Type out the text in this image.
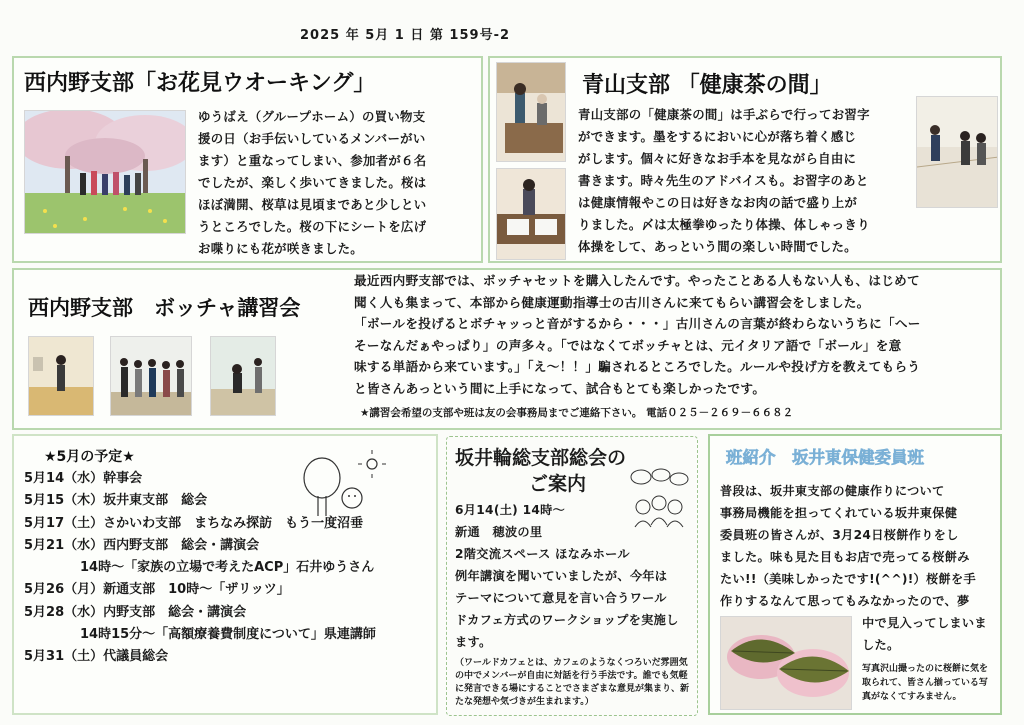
2025 年 5月 1 日 第 159号-2
西内野支部「お花見ウオーキング」
ゆうばえ（グループホーム）の買い物支
援の日（お手伝いしているメンバーがい
ます）と重なってしまい、参加者が６名
でしたが、楽しく歩いてきました。桜は
ほぼ満開、桜草は見頃まであと少しとい
うところでした。桜の下にシートを広げ
お喋りにも花が咲きました。
青山支部 「健康茶の間」
青山支部の「健康茶の間」は手ぶらで行ってお習字
ができます。墨をするにおいに心が落ち着く感じ
がします。個々に好きなお手本を見ながら自由に
書きます。時々先生のアドバイスも。お習字のあと
は健康情報やこの日は好きなお肉の話で盛り上が
りました。〆は太極拳ゆったり体操、体しゃっきり
体操をして、あっという間の楽しい時間でした。
西内野支部　ボッチャ講習会
最近西内野支部では、ボッチャセットを購入したんです。やったことある人もない人も、はじめて
聞く人も集まって、本部から健康運動指導士の古川さんに来てもらい講習会をしました。
「ボールを投げるとボチャッっと音がするから・・・」古川さんの言葉が終わらないうちに「へー
そーなんだぁやっぱり」の声多々。「ではなくてボッチャとは、元イタリア語で「ボール」を意
味する単語から来ています。」「え～！！」騙されるところでした。ルールや投げ方を教えてもらう
と皆さんあっという間に上手になって、試合もとても楽しかったです。
★講習会希望の支部や班は友の会事務局までご連絡下さい。 電話０２５－２６９－６６８２
★5月の予定★

5月14（水）幹事会

5月15（木）坂井東支部　総会

5月17（土）さかいわ支部　まちなみ探訪　もう一度沼垂

5月21（水）西内野支部　総会・講演会

14時～「家族の立場で考えたACP」石井ゆうさん

5月26（月）新通支部　10時～「ザリッツ」

5月28（水）内野支部　総会・講演会

14時15分～「高額療養費制度について」県連講師

5月31（土）代議員総会

坂井輪総支部総会の
ご案内
6月14(土) 14時～
新通　穂波の里
2階交流スペース ほなみホール
例年講演を聞いていましたが、今年は
テーマについて意見を言い合うワール
ドカフェ方式のワークショップを実施し
ます。
（ワールドカフェとは、カフェのようなくつろいだ雰囲気の中でメンバーが自由に対話を行う手法です。誰でも気軽に発言できる場にすることでさまざまな意見が集まり、新たな発想や気づきが生まれます。）
班紹介　坂井東保健委員班
普段は、坂井東支部の健康作りについて
事務局機能を担ってくれている坂井東保健
委員班の皆さんが、3月24日桜餅作りをし
ました。味も見た目もお店で売ってる桜餅み
たい!!（美味しかったです!(^^)!）桜餅を手
作りするなんて思ってもみなかったので、夢
中で見入ってしまいま
した。
写真沢山撮ったのに桜餅に気を取られて、皆さん揃っている写真がなくてすみません。
